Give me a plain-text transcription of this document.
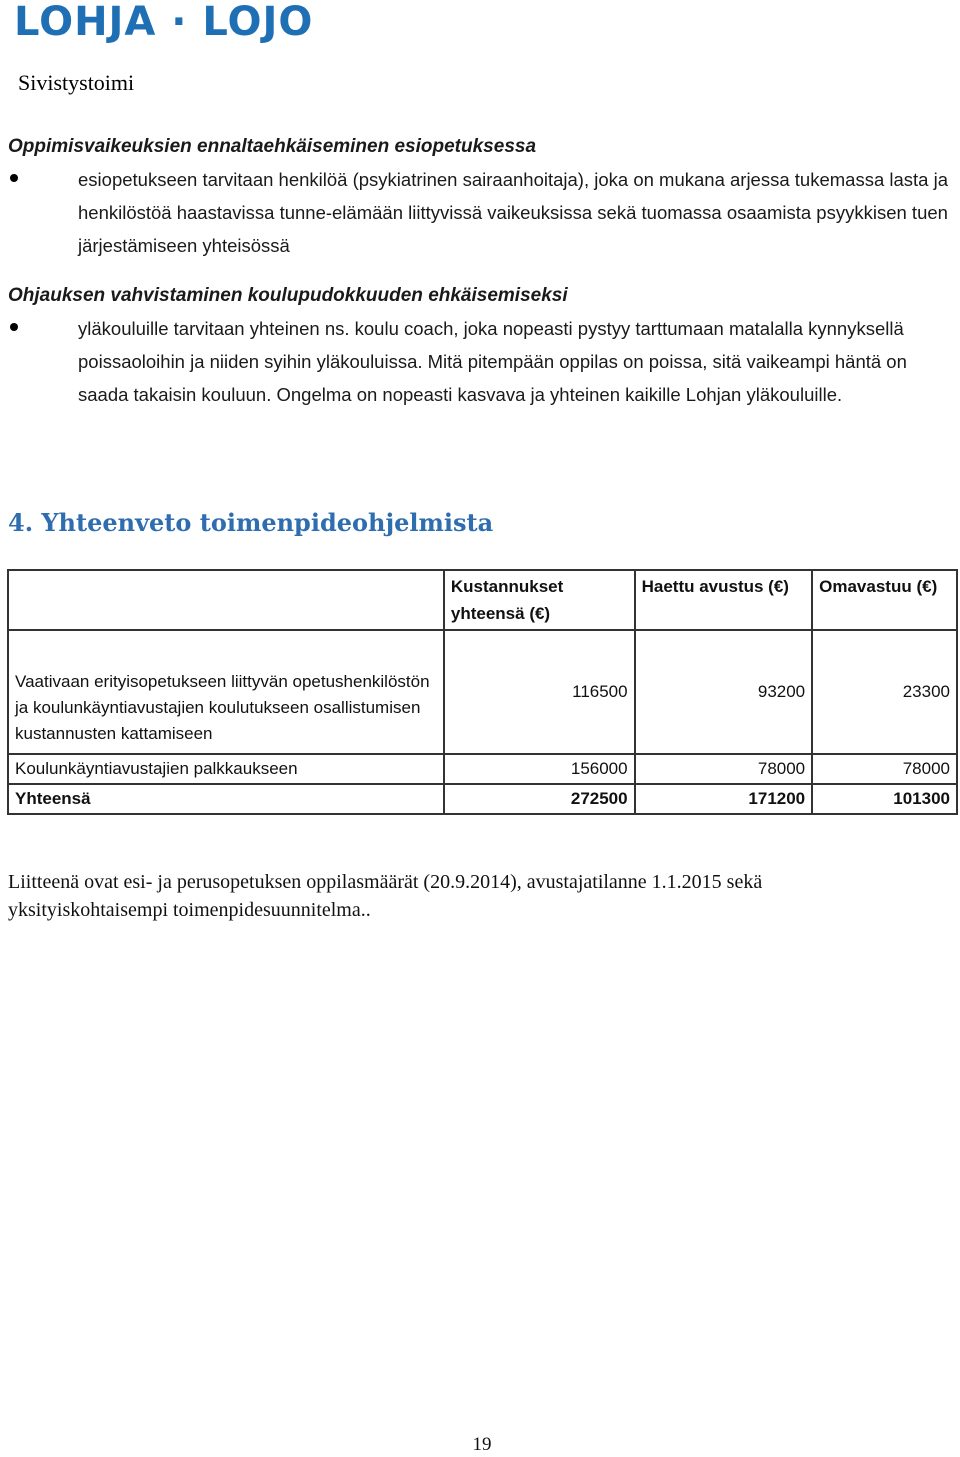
LOHJA · LOJO
Sivistystoimi
Oppimisvaikeuksien ennaltaehkäiseminen esiopetuksessa
esiopetukseen tarvitaan henkilöä (psykiatrinen sairaanhoitaja), joka on mukana arjessa tukemassa lasta ja henkilöstöä haastavissa tunne-elämään liittyvissä vaikeuksissa sekä tuomassa osaamista psyykkisen tuen järjestämiseen yhteisössä
Ohjauksen vahvistaminen koulupudokkuuden ehkäisemiseksi
yläkouluille tarvitaan yhteinen ns. koulu coach, joka nopeasti pystyy tarttumaan matalalla kynnyksellä poissaoloihin ja niiden syihin yläkouluissa. Mitä pitempään oppilas on poissa, sitä vaikeampi häntä on saada takaisin kouluun. Ongelma on nopeasti kasvava ja yhteinen kaikille Lohjan yläkouluille.
4. Yhteenveto toimenpideohjelmista
	Kustannukset yhteensä (€)	Haettu avustus (€)	Omavastuu (€)
Vaativaan erityisopetukseen liittyvän opetushenkilöstön ja koulunkäyntiavustajien koulutukseen osallistumisen kustannusten kattamiseen	116500	93200	23300
Koulunkäyntiavustajien palkkaukseen	156000	78000	78000
Yhteensä	272500	171200	101300
Liitteenä ovat esi- ja perusopetuksen oppilasmäärät (20.9.2014), avustajatilanne 1.1.2015 sekä yksityiskohtaisempi toimenpidesuunnitelma..
19
